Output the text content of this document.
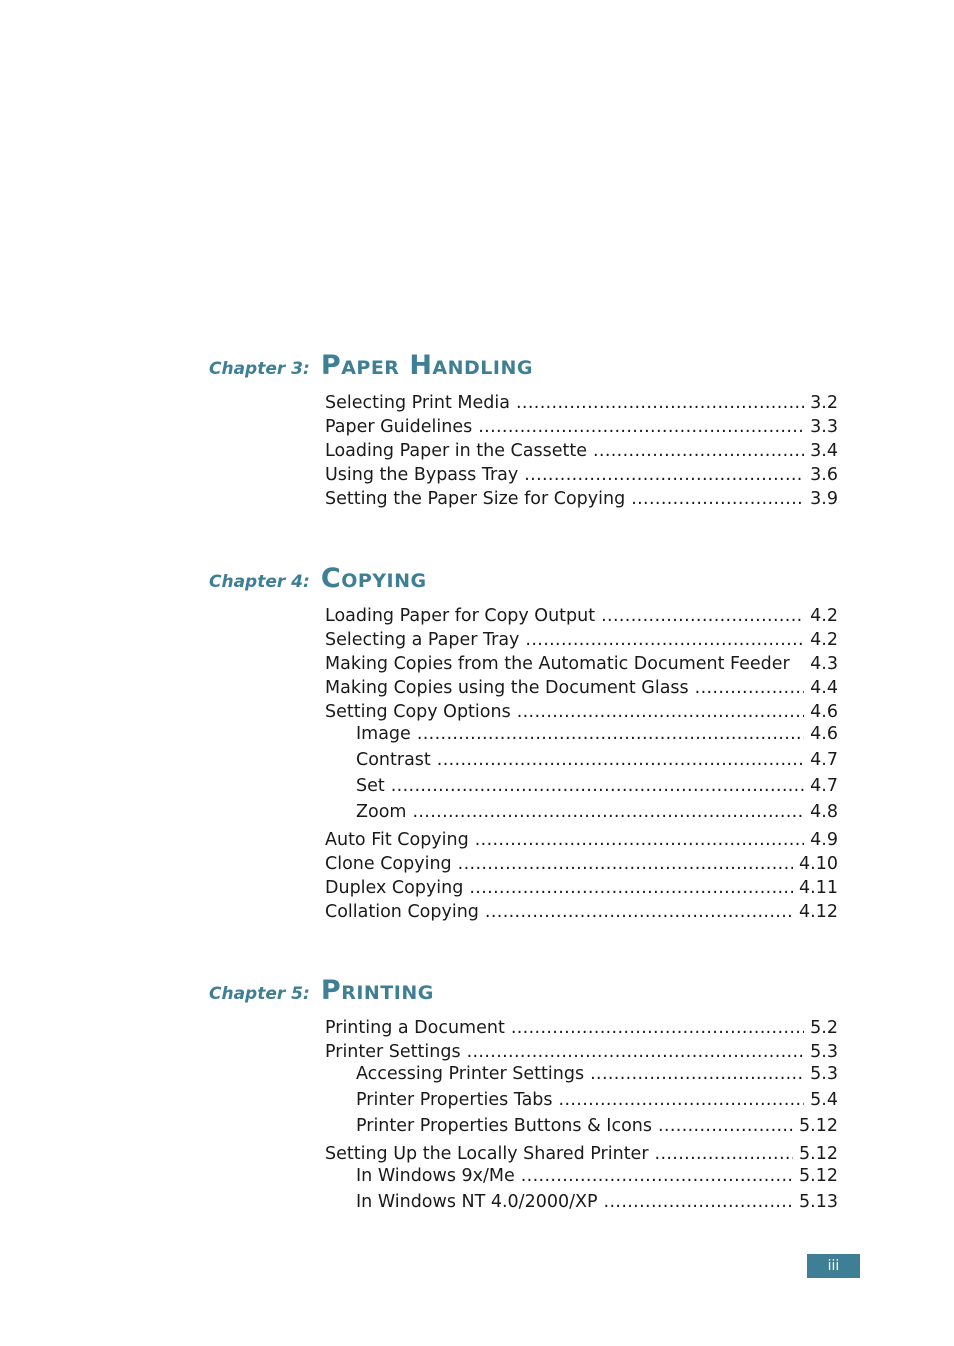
Chapter 3: Paper Handling
Selecting Print Media . . .	3.2
Paper Guidelines . . .	3.3
Loading Paper in the Cassette . . .	3.4
Using the Bypass Tray . . .	3.6
Setting the Paper Size for Copying . . .	3.9
Chapter 4: Copying
Loading Paper for Copy Output . . .	4.2
Selecting a Paper Tray . . .	4.2
Making Copies from the Automatic Document Feeder 4.3
Making Copies using the Document Glass . . .	4.4
Setting Copy Options . . .	4.6
Image . . .	4.6
Contrast . . .	4.7
Set . . .	4.7
Zoom . . .	4.8
Auto Fit Copying . . .	4.9
Clone Copying . . .	4.10
Duplex Copying . . .	4.11
Collation Copying . . .	4.12
Chapter 5: Printing
Printing a Document . . .	5.2
Printer Settings . . .	5.3
Accessing Printer Settings . . .	5.3
Printer Properties Tabs . . .	5.4
Printer Properties Buttons & Icons . . .	5.12
Setting Up the Locally Shared Printer . . .	5.12
In Windows 9x/Me . . .	5.12
In Windows NT 4.0/2000/XP . . .	5.13
iii
